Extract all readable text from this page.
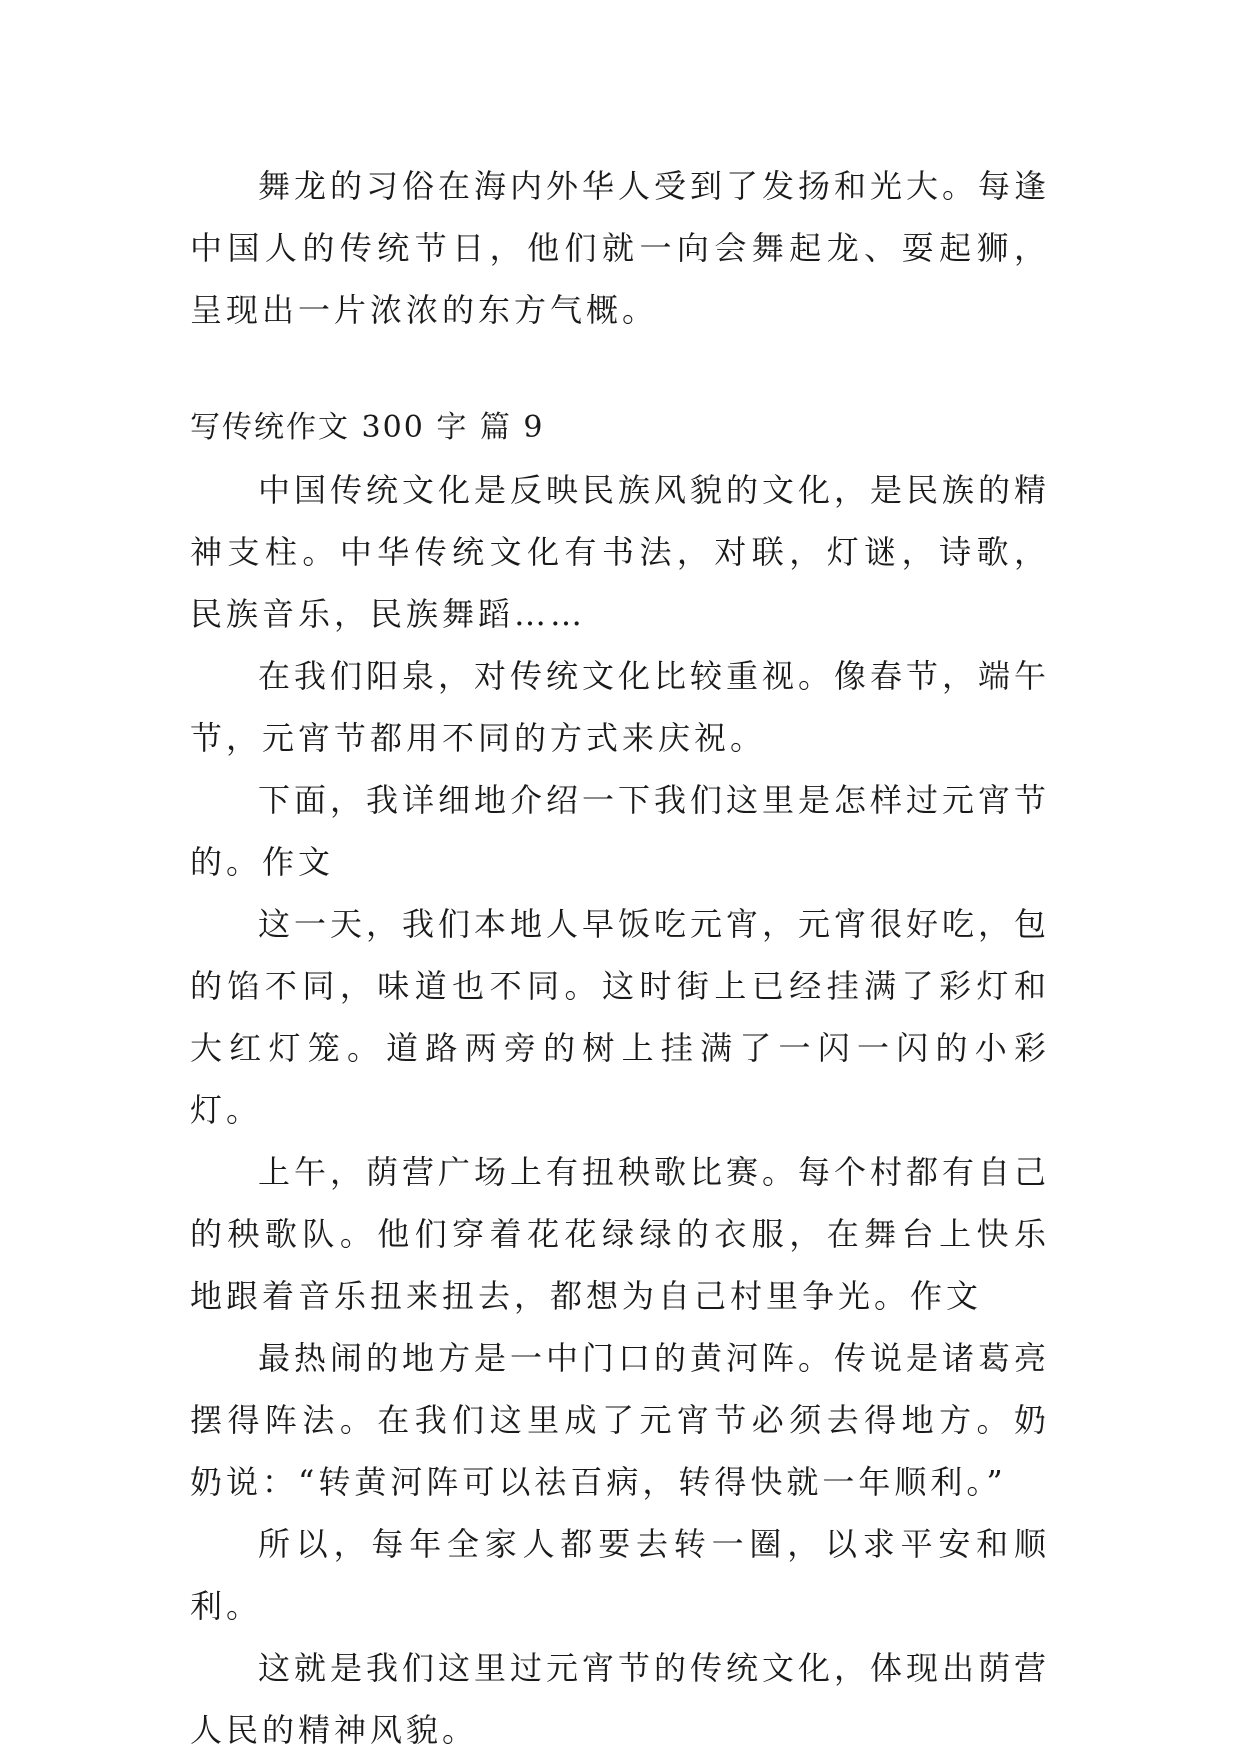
舞龙的习俗在海内外华人受到了发扬和光大。每逢中国人的传统节日，他们就一向会舞起龙、耍起狮，呈现出一片浓浓的东方气概。

写传统作文 300 字 篇 9

中国传统文化是反映民族风貌的文化，是民族的精神支柱。中华传统文化有书法，对联，灯谜，诗歌，民族音乐，民族舞蹈……

在我们阳泉，对传统文化比较重视。像春节，端午节，元宵节都用不同的方式来庆祝。

下面，我详细地介绍一下我们这里是怎样过元宵节的。作文

这一天，我们本地人早饭吃元宵，元宵很好吃，包的馅不同，味道也不同。这时街上已经挂满了彩灯和大红灯笼。道路两旁的树上挂满了一闪一闪的小彩灯。

上午，荫营广场上有扭秧歌比赛。每个村都有自己的秧歌队。他们穿着花花绿绿的衣服，在舞台上快乐地跟着音乐扭来扭去，都想为自己村里争光。作文

最热闹的地方是一中门口的黄河阵。传说是诸葛亮摆得阵法。在我们这里成了元宵节必须去得地方。奶奶说：“转黄河阵可以祛百病，转得快就一年顺利。”

所以，每年全家人都要去转一圈，以求平安和顺利。

这就是我们这里过元宵节的传统文化，体现出荫营人民的精神风貌。
